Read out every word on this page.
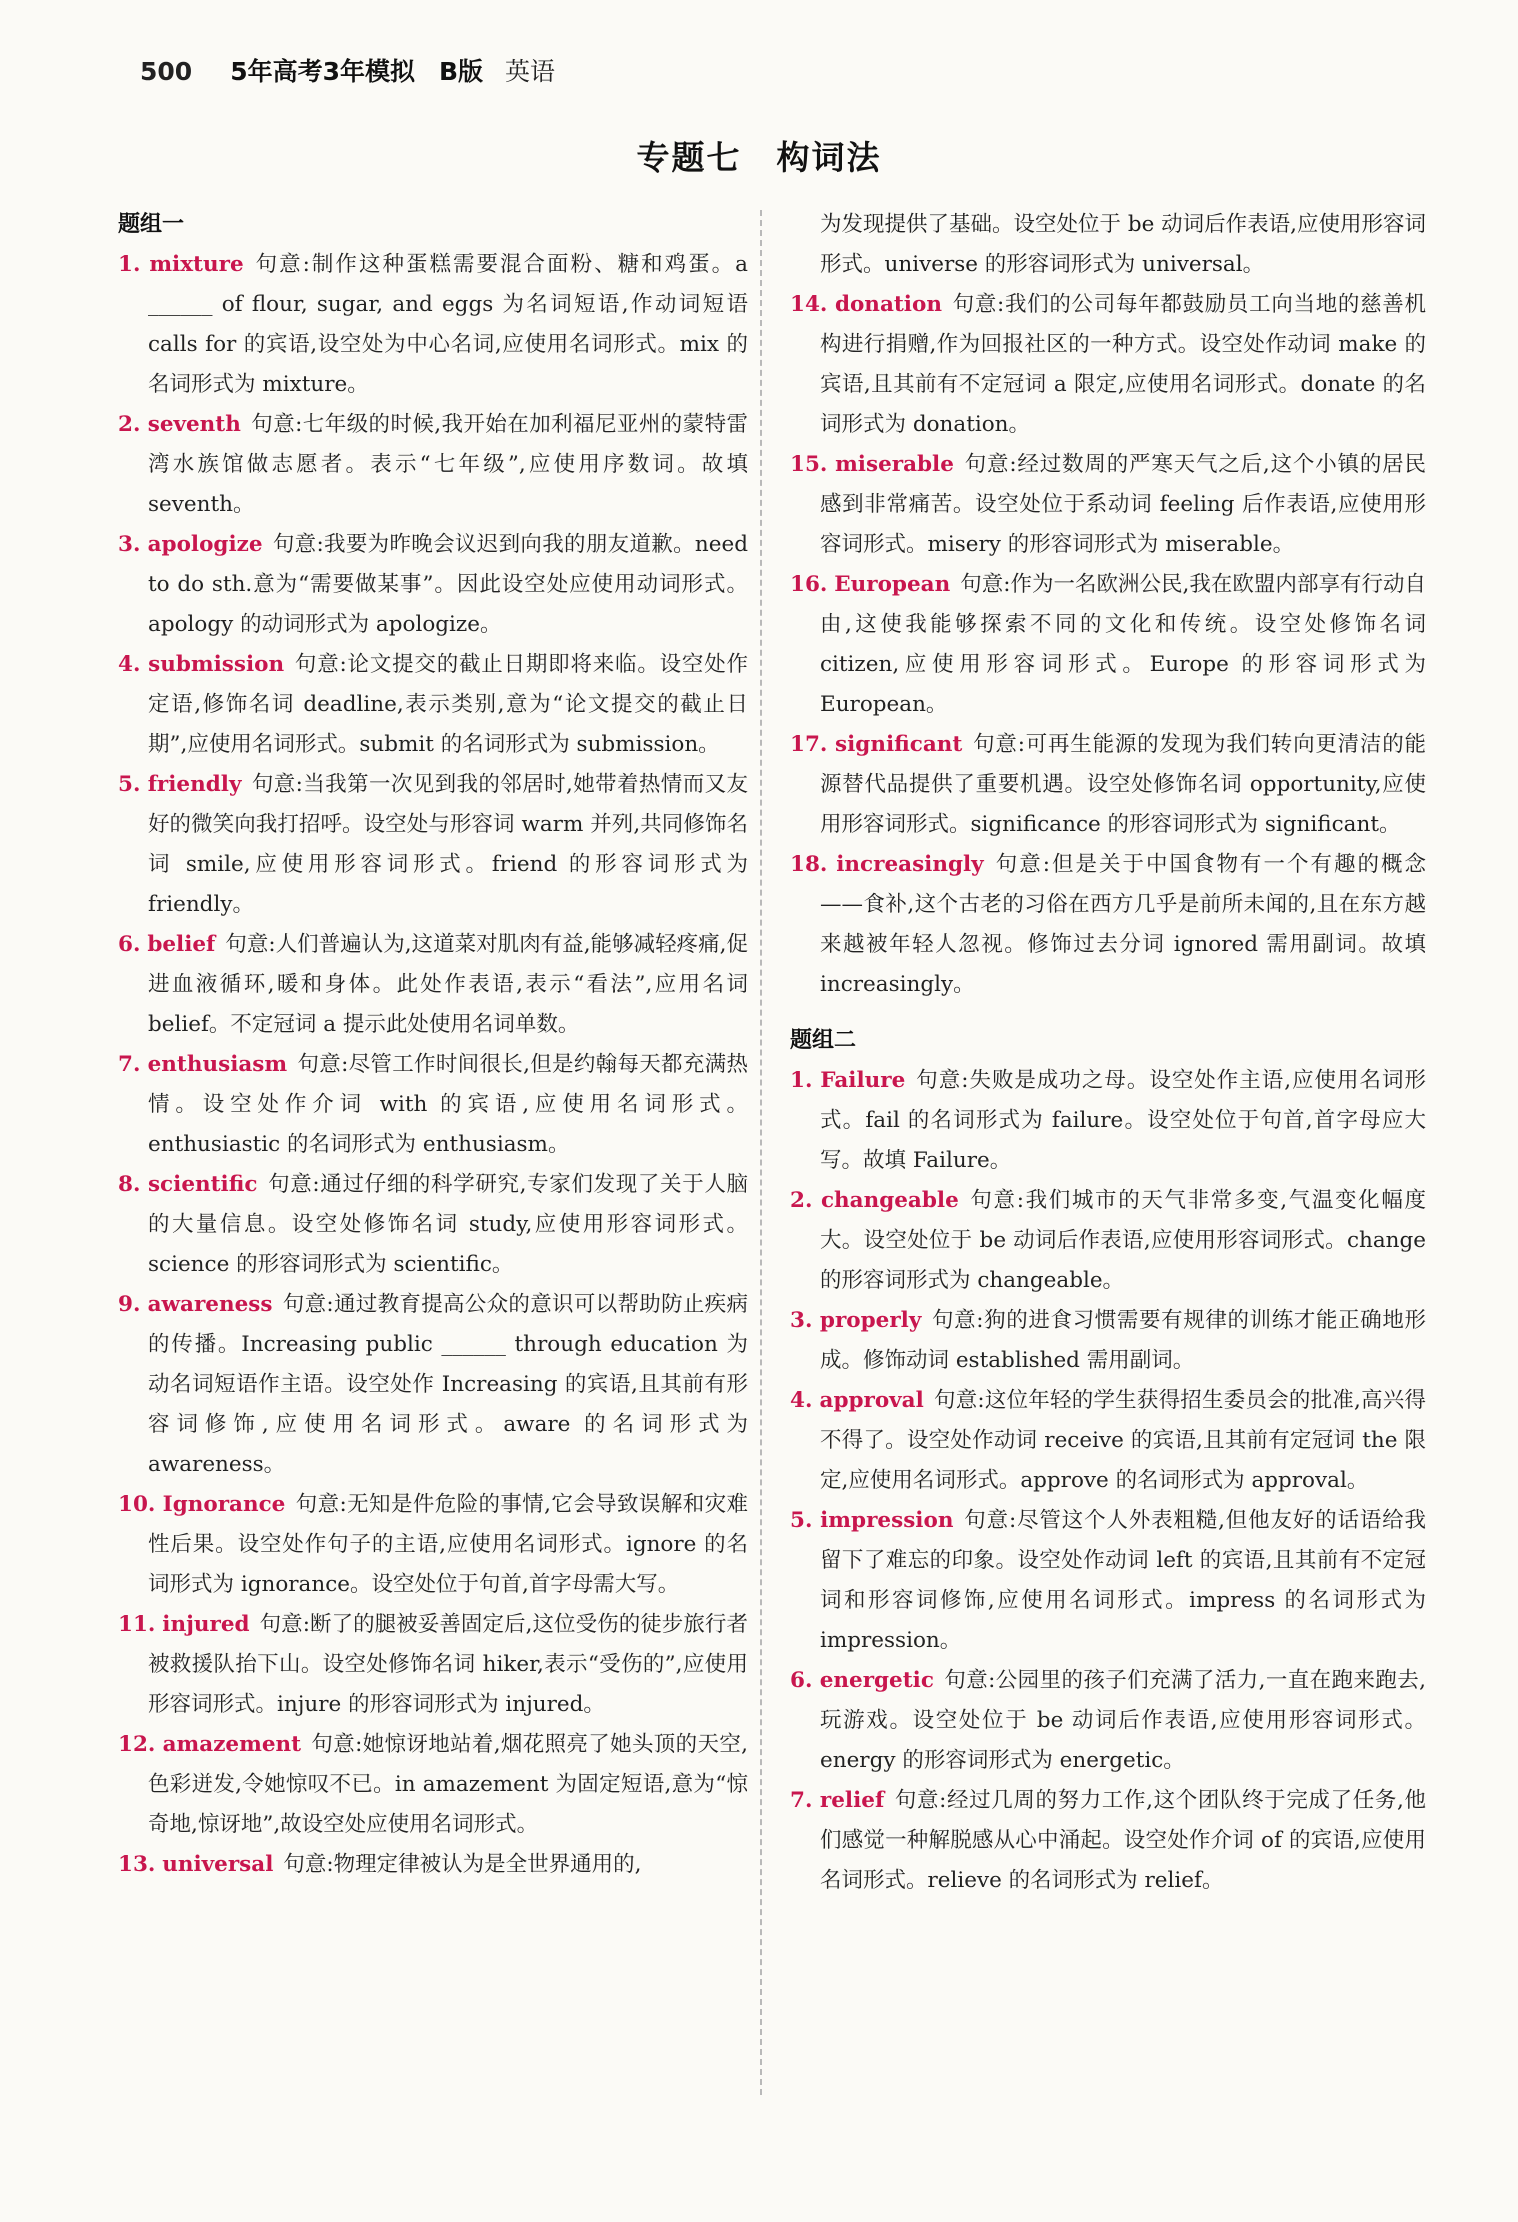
500 5年高考3年模拟 B版 英语
专题七　构词法
题组一

1. mixture 句意:制作这种蛋糕需要混合面粉、糖和鸡蛋。a ______ of flour, sugar, and eggs 为名词短语,作动词短语 calls for 的宾语,设空处为中心名词,应使用名词形式。mix 的名词形式为 mixture。

2. seventh 句意:七年级的时候,我开始在加利福尼亚州的蒙特雷湾水族馆做志愿者。表示“七年级”,应使用序数词。故填 seventh。

3. apologize 句意:我要为昨晚会议迟到向我的朋友道歉。need to do sth.意为“需要做某事”。因此设空处应使用动词形式。apology 的动词形式为 apologize。

4. submission 句意:论文提交的截止日期即将来临。设空处作定语,修饰名词 deadline,表示类别,意为“论文提交的截止日期”,应使用名词形式。submit 的名词形式为 submission。

5. friendly 句意:当我第一次见到我的邻居时,她带着热情而又友好的微笑向我打招呼。设空处与形容词 warm 并列,共同修饰名词 smile,应使用形容词形式。friend 的形容词形式为 friendly。

6. belief 句意:人们普遍认为,这道菜对肌肉有益,能够减轻疼痛,促进血液循环,暖和身体。此处作表语,表示“看法”,应用名词 belief。不定冠词 a 提示此处使用名词单数。

7. enthusiasm 句意:尽管工作时间很长,但是约翰每天都充满热情。设空处作介词 with 的宾语,应使用名词形式。enthusiastic 的名词形式为 enthusiasm。

8. scientific 句意:通过仔细的科学研究,专家们发现了关于人脑的大量信息。设空处修饰名词 study,应使用形容词形式。science 的形容词形式为 scientific。

9. awareness 句意:通过教育提高公众的意识可以帮助防止疾病的传播。Increasing public ______ through education 为动名词短语作主语。设空处作 Increasing 的宾语,且其前有形容词修饰,应使用名词形式。aware 的名词形式为 awareness。

10. Ignorance 句意:无知是件危险的事情,它会导致误解和灾难性后果。设空处作句子的主语,应使用名词形式。ignore 的名词形式为 ignorance。设空处位于句首,首字母需大写。

11. injured 句意:断了的腿被妥善固定后,这位受伤的徒步旅行者被救援队抬下山。设空处修饰名词 hiker,表示“受伤的”,应使用形容词形式。injure 的形容词形式为 injured。

12. amazement 句意:她惊讶地站着,烟花照亮了她头顶的天空,色彩迸发,令她惊叹不已。in amazement 为固定短语,意为“惊奇地,惊讶地”,故设空处应使用名词形式。

13. universal 句意:物理定律被认为是全世界通用的,

为发现提供了基础。设空处位于 be 动词后作表语,应使用形容词形式。universe 的形容词形式为 universal。

14. donation 句意:我们的公司每年都鼓励员工向当地的慈善机构进行捐赠,作为回报社区的一种方式。设空处作动词 make 的宾语,且其前有不定冠词 a 限定,应使用名词形式。donate 的名词形式为 donation。

15. miserable 句意:经过数周的严寒天气之后,这个小镇的居民感到非常痛苦。设空处位于系动词 feeling 后作表语,应使用形容词形式。misery 的形容词形式为 miserable。

16. European 句意:作为一名欧洲公民,我在欧盟内部享有行动自由,这使我能够探索不同的文化和传统。设空处修饰名词 citizen,应使用形容词形式。Europe 的形容词形式为 European。

17. significant 句意:可再生能源的发现为我们转向更清洁的能源替代品提供了重要机遇。设空处修饰名词 opportunity,应使用形容词形式。significance 的形容词形式为 significant。

18. increasingly 句意:但是关于中国食物有一个有趣的概念——食补,这个古老的习俗在西方几乎是前所未闻的,且在东方越来越被年轻人忽视。修饰过去分词 ignored 需用副词。故填 increasingly。

题组二

1. Failure 句意:失败是成功之母。设空处作主语,应使用名词形式。fail 的名词形式为 failure。设空处位于句首,首字母应大写。故填 Failure。

2. changeable 句意:我们城市的天气非常多变,气温变化幅度大。设空处位于 be 动词后作表语,应使用形容词形式。change 的形容词形式为 changeable。

3. properly 句意:狗的进食习惯需要有规律的训练才能正确地形成。修饰动词 established 需用副词。

4. approval 句意:这位年轻的学生获得招生委员会的批准,高兴得不得了。设空处作动词 receive 的宾语,且其前有定冠词 the 限定,应使用名词形式。approve 的名词形式为 approval。

5. impression 句意:尽管这个人外表粗糙,但他友好的话语给我留下了难忘的印象。设空处作动词 left 的宾语,且其前有不定冠词和形容词修饰,应使用名词形式。impress 的名词形式为 impression。

6. energetic 句意:公园里的孩子们充满了活力,一直在跑来跑去,玩游戏。设空处位于 be 动词后作表语,应使用形容词形式。energy 的形容词形式为 energetic。

7. relief 句意:经过几周的努力工作,这个团队终于完成了任务,他们感觉一种解脱感从心中涌起。设空处作介词 of 的宾语,应使用名词形式。relieve 的名词形式为 relief。
